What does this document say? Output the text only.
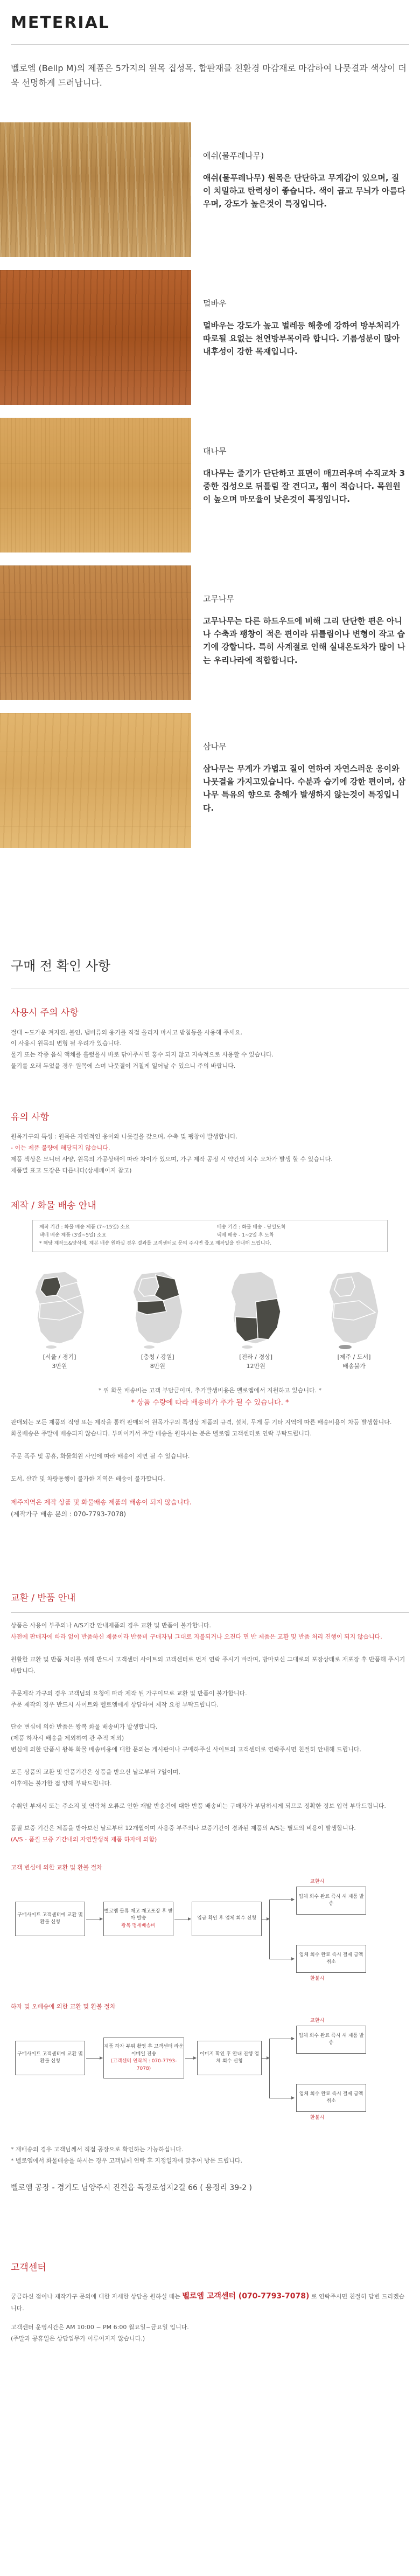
METERIAL

벨로엠 (Bellp M)의 제품은 5가지의 원목 집성목, 합판재를 친환경 마감재로 마감하여 나뭇결과 색상이 더욱 선명하게 드러납니다.

애쉬(물푸레나무)
애쉬(물푸레나무) 원목은 단단하고 무게감이 있으며, 질이 치밀하고 탄력성이 좋습니다. 색이 곱고 무늬가 아름다우며, 강도가 높은것이 특징입니다.
멀바우
멀바우는 강도가 높고 벌레등 해충에 강하여 방부처리가 따로될 요없는 천연방부목이라 합니다. 기름성분이 많아 내후성이 강한 목재입니다.
대나무
대나무는 줄기가 단단하고 표면이 매끄러우며 수직교차 3중한 집성으로 뒤틀림 잘 견디고, 휨이 적습니다. 목원원이 높으며 마모율이 낮은것이 특징입니다.
고무나무
고무나무는 다른 하드우드에 비해 그리 단단한 편은 아니나 수축과 팽창이 적은 편이라 뒤틀림이나 변형이 작고 습기에 강합니다. 특히 사계절로 인해 실내온도차가 많이 나는 우리나라에 적합합니다.
삼나무
삼나무는 무게가 가볍고 질이 연하여 자연스러운 옹이와 나뭇결을 가지고있습니다. 수분과 습기에 강한 편이며, 삼나무 특유의 향으로 충해가 발생하지 않는것이 특징입니다.
구매 전 확인 사항
사용시 주의 사항
절대 ~도가운 켜지진, 불인, 냄비류의 웅기를 직접 올리지 마시고 받침등을 사용해 주세요.
이 사용시 원목의 변형 될 우려가 있습니다.
물기 또는 각종 음식 액체를 흘렸을시 바로 닦아주시면 홍수 되지 않고 지속적으로 사용할 수 있습니다.
물기를 오래 두었을 경우 원목에 스며 나뭇결이 거칠게 일어날 수 있으니 주의 바랍니다.
유의 사항
원목가구의 특성 : 원목은 자연적인 옹이와 나뭇결을 갖으며, 수축 및 팽창이 발생합니다.
- 이는 제품 불량에 해당되지 않습니다.
제품 색상은 모니터 사양, 원목의 가공상태에 따라 차이가 있으며, 가구 제작 공정 시 약간의 치수 오차가 발생 할 수 있습니다.
제품별 표고 도장은 다릅니다(상세페이지 참고)
제작 / 화물 배송 안내
제작 기간 : 화물 배송 제품 (7~15일) 소요	배송 기간 : 화물 배송 - 당일도착
택배 배송 제품 (3일~5일) 소요	택배 배송 - 1~2일 후 도착
* 해당 제작도&양식에, 제본 배송 원하실 경우 결과를 고객센터로 문의 주시면 줍고 제작일을 안내해 드립니다.
[서울 / 경기]
3만원
[충청 / 강원]
8만원
[전라 / 경상]
12만원
[제주 / 도서]
배송불가
* 위 화물 배송비는 고객 부담금이며, 추가발생비용은 벨로엠에서 지원하고 있습니다. *
* 상품 수량에 따라 배송비가 추가 될 수 있습니다. *
판매되는 모든 제품의 직영 또는 제작을 통해 판매되어 원목가구의 특성상 제품의 규격, 설치, 무게 등 기타 지역에 따른 배송비용이 차등 발생합니다.
화물배송은 주말에 배송되지 않습니다. 부피이커서 주말 배송을 원하시는 분은 벨로엠 고객센터로 연락 부탁드립니다.

주문 폭주 및 공휴, 화물회원 사인에 따라 배송이 지연 될 수 있습니다.

도서, 산간 및 차량통행이 불가한 지역은 배송이 불가합니다.

제주지역은 제작 상품 및 화물배송 제품의 배송이 되지 않습니다.
(제작가구 배송 문의 : 070-7793-7078)
교환 / 반품 안내
상품은 사용이 부주의나 A/S기간 안내제품의 경우 교환 및 반품이 불가합니다.
사전에 판매자에 따라 없이 반품하신 제품이라 반품비 구매자님 그대로 지불되거나 오진다 면 반 제품은 교환 및 반품 처리 진행이 되지 않습니다.

원활한 교환 및 반품 처리를 위해 반드시 고객센터 사이트의 고객센터로 먼저 연락 주시기 바라며, 방마보신 그대로의 포장상태로 재포장 후 반품해 주시기 바랍니다.

주문제작 가구의 경우 고객님의 요청에 따라 제작 된 가구이므로 교환 및 반품이 불가합니다.
주문 제작의 경우 반드시 사이트와 벨로엠에게 상담하여 제작 요청 부탁드립니다.

단순 변심에 의한 반품은 왕복 화물 배송비가 발생합니다.
(제품 하자시 배송을 제외하여 관 추적 제외)
변심에 의한 반품시 왕복 화물 배송비용에 대한 문의는 게시판이나 구매하주신 사이트의 고객센터로 연락주시면 친절히 안내해 드립니다.

모든 상품의 교환 및 반품기간은 상품을 받으신 날로부터 7일이며,
이후에는 불가한 점 양해 부탁드립니다.

수취인 부재시 또는 주소지 및 연락처 오류로 인한 재발 반송건에 대한 반품 배송비는 구매자가 부담하시게 되므로 정확한 정보 입력 부탁드립니다.

품질 보증 기간은 제품을 받아보신 날로부터 12개월이며 사용중 부주의나 보증기간이 경과된 제품의 A/S는 별도의 비용이 발생합니다.
(A/S - 품질 보증 기간내의 자연발생적 제품 하자에 의함)
고객 변심에 의한 교환 및 환불 절차
구매사이트 고객센터에 교환 및 환불 신청
벨로엠 물류 재고 재고포장 후 받아 발송
왕복 명세배송비
입금 확인 후 업체 회수 신청
교환시
업체 회수 완료 즉시 새 제품 발송
업체 회수 완료 즉시 결제 금액 취소
환불시
하자 및 오배송에 의한 교환 및 환불 절차
구매사이트 고객센터에 교환 및 환불 신청
제품 하자 부위 촬영 후 고객센터 라운이메일 전송
(고객센터 연락처 : 070-7793-7078)
이미지 확인 후 안내 진행 업체 회수 신청
교환시
업체 회수 완료 즉시 새 제품 발송
업체 회수 완료 즉시 결제 금액 취소
환불시
* 재배송의 경우 고객님께서 직접 공장으로 확인하는 가능하십니다.
* 벨로엠에서 화물배송을 하시는 경우 고객님께 연락 후 지정일자에 맞추어 방문 드립니다.
벨로엠 공장 - 경기도 남양주시 진건읍 독정로성지2길 66 ( 용정리 39-2 )
고객센터
궁금하신 점이나 제작가구 문의에 대한 자세한 상담을 원하실 때는 벨로엠 고객센터 (070-7793-7078) 로 연락주시면 친절히 답변 드리겠습니다.
고객센터 운영시간은 AM 10:00 ~ PM 6:00 월요일~금요일 입니다.
(주말과 공휴일은 상담업무가 이루어지지 않습니다.)
